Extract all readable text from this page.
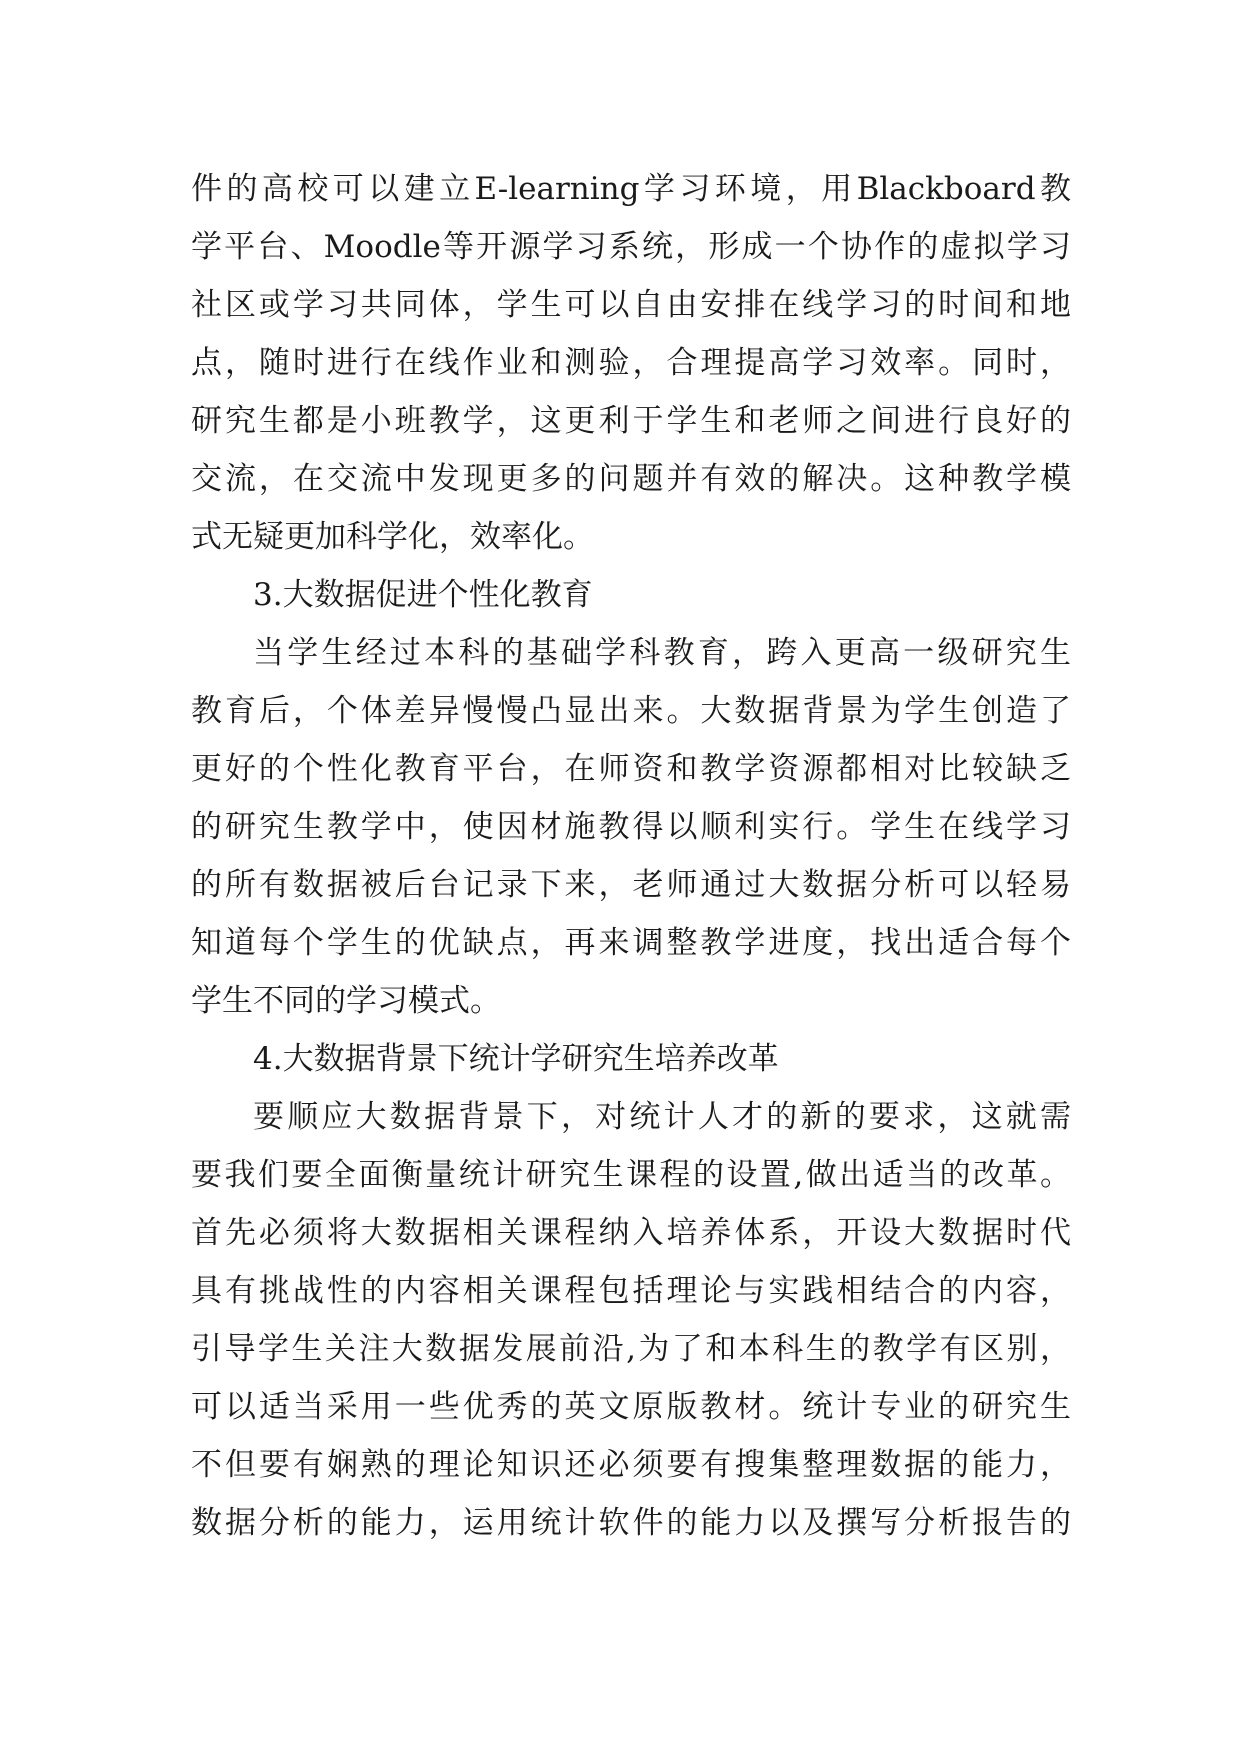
件的高校可以建立E-learning学习环境，用Blackboard教
学平台、Moodle等开源学习系统，形成一个协作的虚拟学习
社区或学习共同体，学生可以自由安排在线学习的时间和地
点，随时进行在线作业和测验，合理提高学习效率。同时，
研究生都是小班教学，这更利于学生和老师之间进行良好的
交流，在交流中发现更多的问题并有效的解决。这种教学模
式无疑更加科学化，效率化。
3.大数据促进个性化教育
当学生经过本科的基础学科教育，跨入更高一级研究生
教育后，个体差异慢慢凸显出来。大数据背景为学生创造了
更好的个性化教育平台，在师资和教学资源都相对比较缺乏
的研究生教学中，使因材施教得以顺利实行。学生在线学习
的所有数据被后台记录下来，老师通过大数据分析可以轻易
知道每个学生的优缺点，再来调整教学进度，找出适合每个
学生不同的学习模式。
4.大数据背景下统计学研究生培养改革
要顺应大数据背景下，对统计人才的新的要求，这就需
要我们要全面衡量统计研究生课程的设置,做出适当的改革。
首先必须将大数据相关课程纳入培养体系，开设大数据时代
具有挑战性的内容相关课程包括理论与实践相结合的内容，
引导学生关注大数据发展前沿,为了和本科生的教学有区别，
可以适当采用一些优秀的英文原版教材。统计专业的研究生
不但要有娴熟的理论知识还必须要有搜集整理数据的能力，
数据分析的能力，运用统计软件的能力以及撰写分析报告的
